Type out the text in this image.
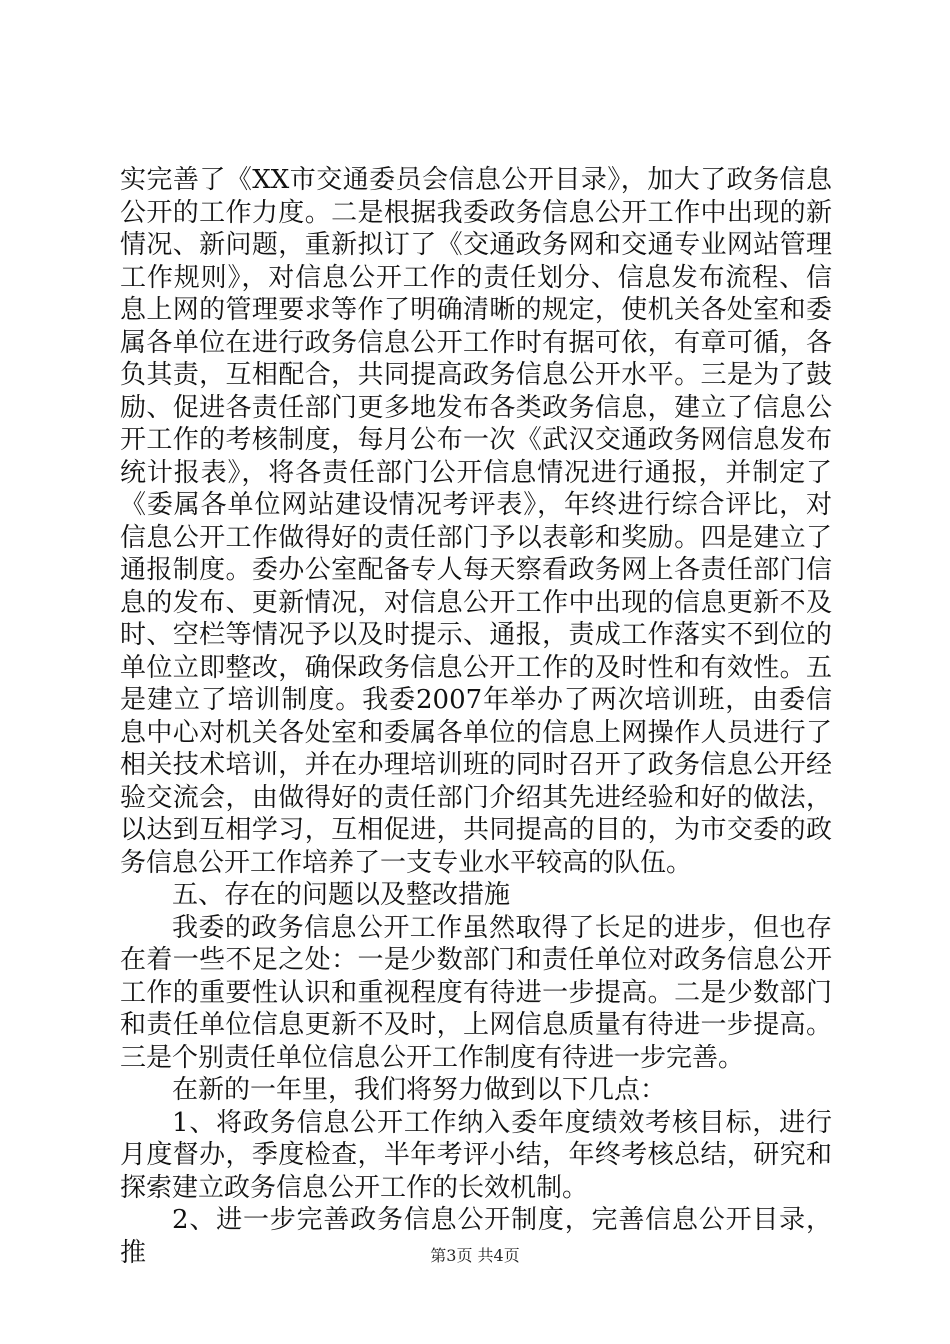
实完善了《XX市交通委员会信息公开目录》，加大了政务信息公开的工作力度。二是根据我委政务信息公开工作中出现的新情况、新问题，重新拟订了《交通政务网和交通专业网站管理工作规则》，对信息公开工作的责任划分、信息发布流程、信息上网的管理要求等作了明确清晰的规定，使机关各处室和委属各单位在进行政务信息公开工作时有据可依，有章可循，各负其责，互相配合，共同提高政务信息公开水平。三是为了鼓励、促进各责任部门更多地发布各类政务信息，建立了信息公开工作的考核制度，每月公布一次《武汉交通政务网信息发布统计报表》，将各责任部门公开信息情况进行通报，并制定了《委属各单位网站建设情况考评表》，年终进行综合评比，对信息公开工作做得好的责任部门予以表彰和奖励。四是建立了通报制度。委办公室配备专人每天察看政务网上各责任部门信息的发布、更新情况，对信息公开工作中出现的信息更新不及时、空栏等情况予以及时提示、通报，责成工作落实不到位的单位立即整改，确保政务信息公开工作的及时性和有效性。五是建立了培训制度。我委2007年举办了两次培训班，由委信息中心对机关各处室和委属各单位的信息上网操作人员进行了相关技术培训，并在办理培训班的同时召开了政务信息公开经验交流会，由做得好的责任部门介绍其先进经验和好的做法，以达到互相学习，互相促进，共同提高的目的，为市交委的政务信息公开工作培养了一支专业水平较高的队伍。

五、存在的问题以及整改措施

我委的政务信息公开工作虽然取得了长足的进步，但也存在着一些不足之处：一是少数部门和责任单位对政务信息公开工作的重要性认识和重视程度有待进一步提高。二是少数部门和责任单位信息更新不及时，上网信息质量有待进一步提高。三是个别责任单位信息公开工作制度有待进一步完善。

在新的一年里，我们将努力做到以下几点：

1、将政务信息公开工作纳入委年度绩效考核目标，进行月度督办，季度检查，半年考评小结，年终考核总结，研究和探索建立政务信息公开工作的长效机制。

2、进一步完善政务信息公开制度，完善信息公开目录，推	第3页 共4页
